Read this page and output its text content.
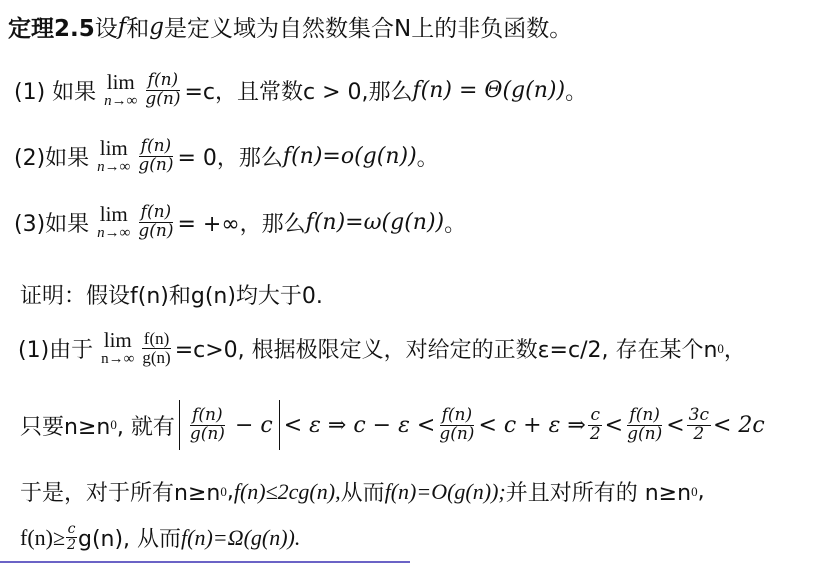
定理2.5 设 f 和 g 是定义域为自然数集合N上的非负函数。
(1) 如果 lim
$n\to\infty \frac{f(n)}{g(n)} =c$，且常数c > 0,那么 f(n) = Θ(g(n)) 。
(2)如果 lim
$n\to\infty \frac{f(n)}{g(n)} = 0$，那么 f(n)=o(g(n)) 。
(3)如果 lim
$n\to\infty \frac{f(n)}{g(n)}$ = +∞，那么 f(n)=ω(g(n)) 。
证明：假设f(n)和g(n)均大于0.
(1)由于 lim
$n\to\infty \frac{f(n)}{g(n)} =c>0$, 根据极限定义，对给定的正数ε=c/2, 存在某个n 0 ，
只要n≥n 0 , 就有 $\frac{f(n)}{g(n)} - c < \varepsilon$ ⇒ $c - \varepsilon < \frac{f(n)}{g(n)} < c + \varepsilon$ ⇒ $\frac{c}{2} < \frac{f(n)}{g(n)} < \frac{3c}{2} < 2c$
于是，对于所有n≥n 0 , f(n)≤2cg(n), 从而 f(n)=O(g(n)); 并且对所有的 n≥n 0 ,
$f(n)\ge \frac{c}{2} g(n)$, 从而 f(n)=Ω(g(n)).
